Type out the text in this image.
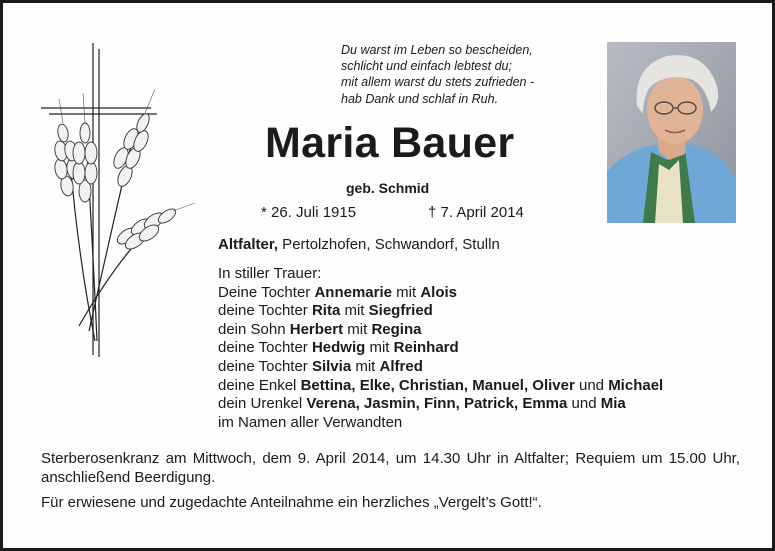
Du warst im Leben so bescheiden,
schlicht und einfach lebtest du;
mit allem warst du stets zufrieden -
hab Dank und schlaf in Ruh.
Maria Bauer
geb. Schmid
* 26. Juli 1915	† 7. April 2014
Altfalter, Pertolzhofen, Schwandorf, Stulln
In stiller Trauer:
Deine Tochter Annemarie mit Alois
deine Tochter Rita mit Siegfried
dein Sohn Herbert mit Regina
deine Tochter Hedwig mit Reinhard
deine Tochter Silvia mit Alfred
deine Enkel Bettina, Elke, Christian, Manuel, Oliver und Michael
dein Urenkel Verena, Jasmin, Finn, Patrick, Emma und Mia
im Namen aller Verwandten
Sterberosenkranz am Mittwoch, dem 9. April 2014, um 14.30 Uhr in Altfalter; Requiem um 15.00 Uhr, anschließend Beerdigung.
Für erwiesene und zugedachte Anteilnahme ein herzliches „Vergelt’s Gott!“.
